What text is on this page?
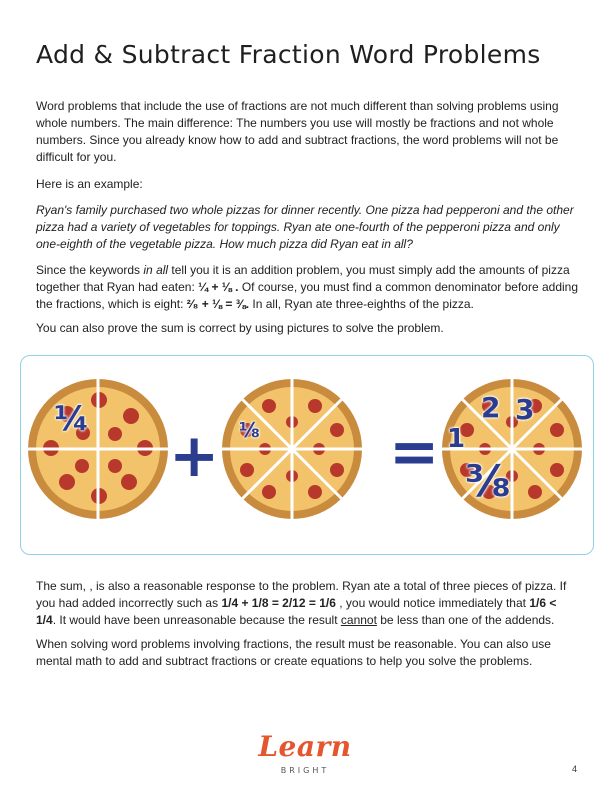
Add & Subtract Fraction Word Problems

Word problems that include the use of fractions are not much different than solving problems using whole numbers. The main difference: The numbers you use will mostly be fractions and not whole numbers. Since you already know how to add and subtract fractions, the word problems will not be difficult for you.

Here is an example:

Ryan's family purchased two whole pizzas for dinner recently. One pizza had pepperoni and the other pizza had a variety of vegetables for toppings. Ryan ate one-fourth of the pepperoni pizza and only one-eighth of the vegetable pizza. How much pizza did Ryan eat in all?

Since the keywords in all tell you it is an addition problem, you must simply add the amounts of pizza together that Ryan had eaten: ¼ + ⅛ . Of course, you must find a common denominator before adding the fractions, which is eight: ²⁄₈ + ⅛ = ⅜. In all, Ryan ate three-eighths of the pizza.

You can also prove the sum is correct by using pictures to solve the problem.

¼
+ ⅛ = 1
2 3
⅜

The sum, , is also a reasonable response to the problem. Ryan ate a total of three pieces of pizza. If you had added incorrectly such as 1/4 + 1/8 = 2/12 = 1/6 , you would notice immediately that 1/6 < 1/4. It would have been unreasonable because the result cannot be less than one of the addends.

When solving word problems involving fractions, the result must be reasonable. You can also use mental math to add and subtract fractions or create equations to help you solve the problems.

Learn
BRIGHT	4
